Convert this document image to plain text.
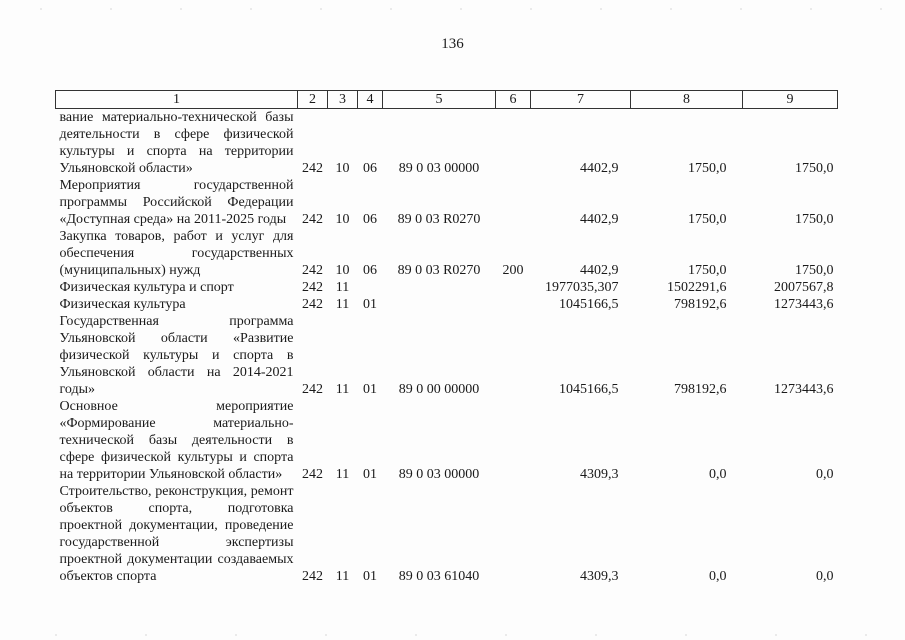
136
1	2	3	4	5	6	7	8	9
вание материально-технической базы деятельности в сфере физической культуры и спорта на территории Ульяновской области»	242	10	06	89 0 03 00000		4402,9	1750,0	1750,0
Мероприятия государственной программы Российской Федерации «Доступная среда» на 2011-2025 годы	242	10	06	89 0 03 R0270		4402,9	1750,0	1750,0
Закупка товаров, работ и услуг для обеспечения государственных (муниципальных) нужд	242	10	06	89 0 03 R0270	200	4402,9	1750,0	1750,0
Физическая культура и спорт	242	11				1977035,307	1502291,6	2007567,8
Физическая культура	242	11	01			1045166,5	798192,6	1273443,6
Государственная программа Ульяновской области «Развитие физической культуры и спорта в Ульяновской области на 2014-2021 годы»	242	11	01	89 0 00 00000		1045166,5	798192,6	1273443,6
Основное мероприятие «Формирование материально-технической базы деятельности в сфере физической культуры и спорта на территории Ульяновской области»	242	11	01	89 0 03 00000		4309,3	0,0	0,0
Строительство, реконструкция, ремонт объектов спорта, подготовка проектной документации, проведение государственной экспертизы проектной документации создаваемых объектов спорта	242	11	01	89 0 03 61040		4309,3	0,0	0,0
